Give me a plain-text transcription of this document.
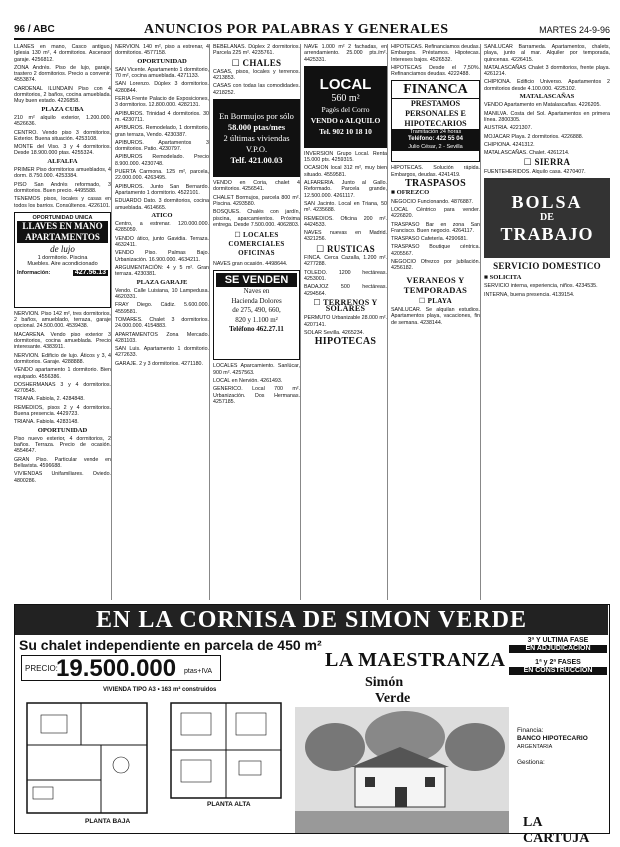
96 / ABC	ANUNCIOS POR PALABRAS Y GENERALES	MARTES 24-9-96
LLANES en mano, Casco antiguo, Iglesia 130 m², 4 dormitorios. Ascensor garaje. 4256812.
ZONA Andrés. Piso de lujo, garaje, trastero 2 dormitorios. Precio a convenir. 4553874.
CARDENAL ILUNDAIN Piso con 4 dormitorios, 2 baños, cocina amueblada. Muy buen estado. 4226858.
PLAZA CUBA
210 m² alquilo exterior, 1.200.000. 4526636.
CENTRO. Vendo piso 3 dormitorios, Exterior. Buena situación. 4253108.
MONTE del Viso. 3 y 4 dormitorios. Desde 18.900.000 ptas. 4255324.
ALFALFA
PRIMER Piso dormitorios amueblados, 4 dorm. 8.750.000. 4253384.
PISO San Andrés reformado, 3 dormitorios. Buen precio. 4495588.
TENEMOS pisos, locales y casas en todos los barrios. Consúltenos. 4226101.
OPORTUNIDAD UNICA
LLAVES EN MANO
APARTAMENTOS
de lujo
1 dormitorio. Piscina
Muebles. Aire acondicionado
Información:	427.56.13
NERVION. Piso 142 m², tres dormitorios, 2 baños, amueblado, terraza, garaje opcional. 24.500.000. 4539438.
MACARENA. Vendo piso exterior 3 dormitorios, cocina amueblada. Precio interesante. 4383911.
NERVION. Edificio de lujo. Áticos y 3, 4 dormitorios. Garaje. 4288888.
VENDO apartamento 1 dormitorio. Bien equipado. 4556386.
DOSHERMANAS 3 y 4 dormitorios. 4270545.
TRIANA. Fabiola, 2. 4284848.
REMEDIOS, pisos 2 y 4 dormitorios. Buena presencia. 4429723.
TRIANA. Fabiola. 4283148.
OPORTUNIDAD
Piso nuevo exterior, 4 dormitorios, 2 baños. Terraza. Precio de ocasión. 4554647.
GRAN Piso. Particular vende en Bellavista. 4596688.
VIVIENDAS Unifamiliares. Oviedo. 4800286.
NERVION. 140 m², piso a estrenar, 4 dormitorios. 4577158.
OPORTUNIDAD
SAN Vicente. Apartamento 1 dormitorio, 70 m², cocina amueblada. 4271133.
SAN Lorenzo. Dúplex 3 dormitorios. 4280844.
FERIA Frente Palacio de Exposiciones, 3 dormitorios. 12.800.000. 4282131.
APIBUROS. Trinidad 4 dormitorios. 30 m. 4230711.
APIBUROS. Remodelado, 1 dormitorio, gran terraza, Vendo. 4230387.
APIBUROS. Apartamentos 3 dormitorios. Patio. 4230797.
APIBUROS Remodelado. Precio 8.900.000. 4230748.
PUERTA Carmona. 125 m², parcela, 22.000.000. 4263495.
APIBUROS. Junto San Bernardo. Apartamento 1 dormitorio. 4522101.
EDUARDO Dato. 3 dormitorios, cocina amueblada. 4614665.
ATICO
Centro, a estrenar. 120.000.000. 4285059.
VENDO ático, junto Gavidia. Terraza. 4632411.
VENDO Piso. Palmas Bajo. Urbanización. 16.900.000. 4634211.
ARGUMENTACIÓN: 4 y 5 m². Gran terraza. 4230381.
PLAZA GARAJE
Vendo. Calle Luisiana, 10 Lampedusa. 4620331.
FRAY Diego. Cádiz. 5.600.000. 4559581.
TOMARES. Chalet 3 dormitorios. 24.000.000. 4154883.
APARTAMENTOS Zona Mercado. 4281103.
SAN Luis. Apartamento 1 dormitorio. 4272633.
GARAJE. 2 y 3 dormitorios. 4271180.
BEBELANAS. Dúplex 2 dormitorios. Parcela 225 m². 4235761.
☐ CHALES
CASAS, pisos, locales y terrenos. 4213853.
CASAS con todas las comodidades. 4218252.
En Bormujos por sólo
58.000 ptas/mes
2 últimas viviendas
V.P.O.
Telf. 421.00.03
VENDO en Coria, chalet 4 dormitorios. 4256541.
CHALET Bormujos, parcela 800 m². Piscina. 4293580.
BOSQUES. Chalés con jardín, piscina, aparcamientos. Próxima entrega. Desde 7.500.000. 4062803.
☐ LOCALES COMERCIALES OFICINAS
NAVES gran ocasión. 4498644.
SE VENDEN
Naves en
Hacienda Dolores
de 275, 490, 660,
820 y 1.100 m²
Teléfono 462.27.11
LOCALES Aparcamiento. Sanlúcar, 900 m². 4257563.
LOCAL en Nervión. 4261493.
GENERICO. Local 700 m². Urbanización. Dos Hermanas. 4257185.
NAVE 1.000 m² 2 fachadas, en arrendamiento. 25.000 pts./m². 4425331.
LOCAL
560 m²
Pagés del Corro
VENDO o ALQUILO
Tel. 902 10 18 10
INVERSION Grupo Local. Renta 15.000 pts. 4259315.
OCASION local 312 m², muy bien situado. 4559581.
ALFARERIA. Junto al Gallo. Reformado. Parcela grande, 12.500.000. 4261117.
SAN Jacinto. Local en Triana, 50 m². 4235688.
REMEDIOS. Oficina 200 m². 4424533.
NAVES nuevas en Madrid. 4321256.
☐ RUSTICAS
FINCA. Cerca Cazalla, 1.200 m². 4277288.
TOLEDO. 1200 hectáreas. 4253001.
BADAJOZ 500 hectáreas. 4294564.
☐ TERRENOS Y SOLARES
PERMUTO Urbanizable 28.000 m². 4207141.
SOLAR Sevilla. 4265234.
HIPOTECAS
HIPOTECAS. Refinanciamos deudas. Embargos. Préstamos. Hipotecas. Intereses bajos. 4526532.
HIPOTECAS Desde el 7,50%. Refinanciamos deudas. 4222488.
FINANCA
PRESTAMOS
PERSONALES E
HIPOTECARIOS
Tramitación 24 horas
Teléfono: 422 55 04
Julio César, 2 - Sevilla
HIPOTECAS. Solución rápida. Embargos, deudas. 4241419.
TRASPASOS
■ OFREZCO
NEGOCIO Funcionando. 4876887.
LOCAL Céntrico para vender. 4226820.
TRASPASO Bar en zona San Francisco. Buen negocio. 4264117.
TRASPASO Cafetería. 4290681.
TRASPASO Boutique céntrica. 4205567.
NEGOCIO Ofrezco por jubilación. 4256182.
VERANEOS Y TEMPORADAS
☐ PLAYA
SANLUCAR. Se alquilan estudios. Apartamentos playa, vacaciones, fin de semana. 4238144.
SANLUCAR Barrameda. Apartamentos, chalets, playa, junto al mar. Alquiler por temporada, quincenas. 4226415.
MATALASCAÑAS Chalet 3 dormitorios, frente playa. 4261214.
CHIPIONA. Edificio Universo. Apartamentos 2 dormitorios desde 4.100.000. 4225102.
MATALASCAÑAS
VENDO Apartamento en Matalascañas. 4226205.
MANILVA. Costa del Sol. Apartamentos en primera línea. 2800305.
AUSTRIA. 4221307.
MOJACAR Playa. 2 dormitorios. 4226888.
CHIPIONA. 4241312.
MATALASCAÑAS. Chalet. 4261214.
☐ SIERRA
FUENTEHERIDOS. Alquilo casa. 4270407.
BOLSA
DE
TRABAJO
SERVICIO DOMESTICO
■ SOLICITA
SERVICIO interna, experiencia, niños. 4234535.
INTERNA, buena presencia. 4139154.
EN LA CORNISA DE SIMON VERDE
Su chalet independiente en parcela de 450 m²
PRECIO:
19.500.000 ptas+IVA
VIVIENDA TIPO A3 • 163 m² construidos
PLANTA BAJA
PLANTA ALTA
LA MAESTRANZA
Simón
Verde
3ª Y ULTIMA FASE
EN ADJUDICACION
1ª y 2ª FASES
EN CONSTRUCCION
Financia:
BANCO HIPOTECARIO
ARGENTARIA
Gestiona:
LA CARTUJA
